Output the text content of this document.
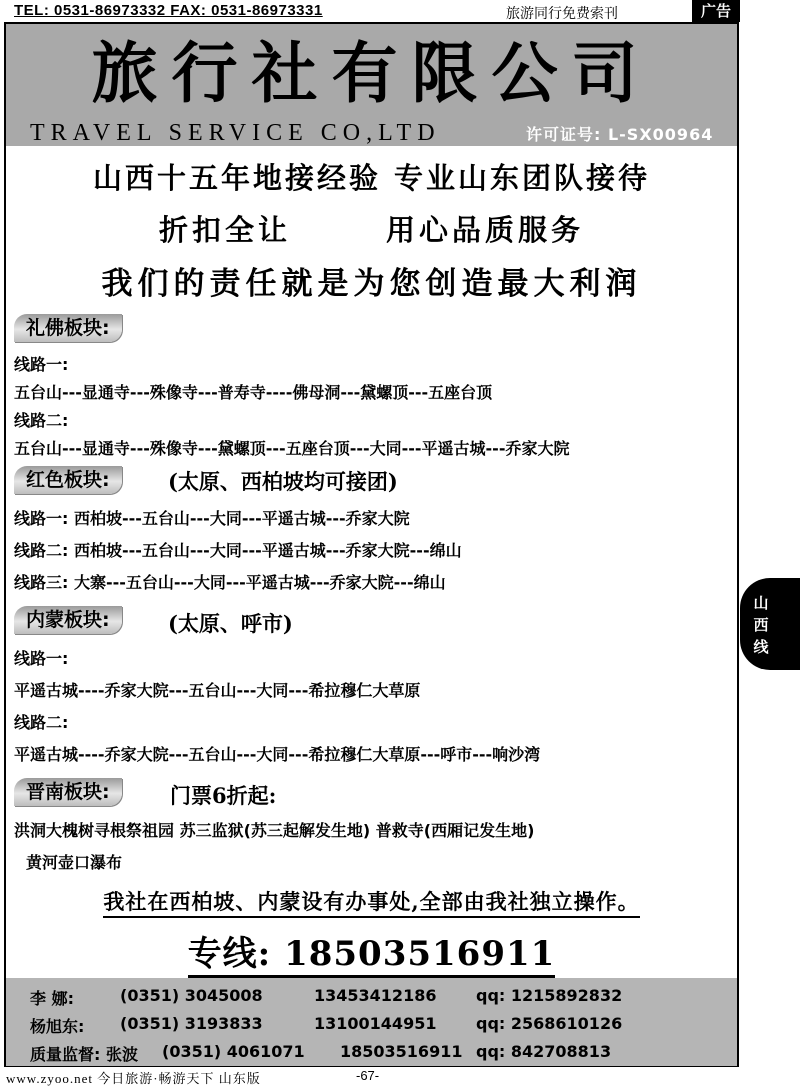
TEL: 0531-86973332 FAX: 0531-86973331	旅游同行免费索刊	广告
旅行社有限公司
TRAVEL SERVICE CO,LTD	许可证号: L-SX00964
山西十五年地接经验 专业山东团队接待
折扣全让	用心品质服务
我们的责任就是为您创造最大利润
礼佛板块:
线路一:
五台山---显通寺---殊像寺---普寿寺----佛母洞---黛螺顶---五座台顶
线路二:
五台山---显通寺---殊像寺---黛螺顶---五座台顶---大同---平遥古城---乔家大院
红色板块:	(太原、西柏坡均可接团)
线路一: 西柏坡---五台山---大同---平遥古城---乔家大院
线路二: 西柏坡---五台山---大同---平遥古城---乔家大院---绵山
线路三: 大寨---五台山---大同---平遥古城---乔家大院---绵山
内蒙板块:	(太原、呼市)
线路一:
平遥古城----乔家大院---五台山---大同---希拉穆仁大草原
线路二:
平遥古城----乔家大院---五台山---大同---希拉穆仁大草原---呼市---响沙湾
晋南板块:	门票6折起:
洪洞大槐树寻根祭祖园 苏三监狱(苏三起解发生地) 普救寺(西厢记发生地)
黄河壶口瀑布
我社在西柏坡、内蒙设有办事处,全部由我社独立操作。
专线: 18503516911
李 娜:	(0351) 3045008	13453412186 qq: 1215892832
杨旭东: (0351) 3193833	13100144951 qq: 2568610126
质量监督: 张波 (0351) 4061071 18503516911 qq: 842708813
www.zyoo.net 今日旅游·畅游天下 山东版	-67-
山
西
线
